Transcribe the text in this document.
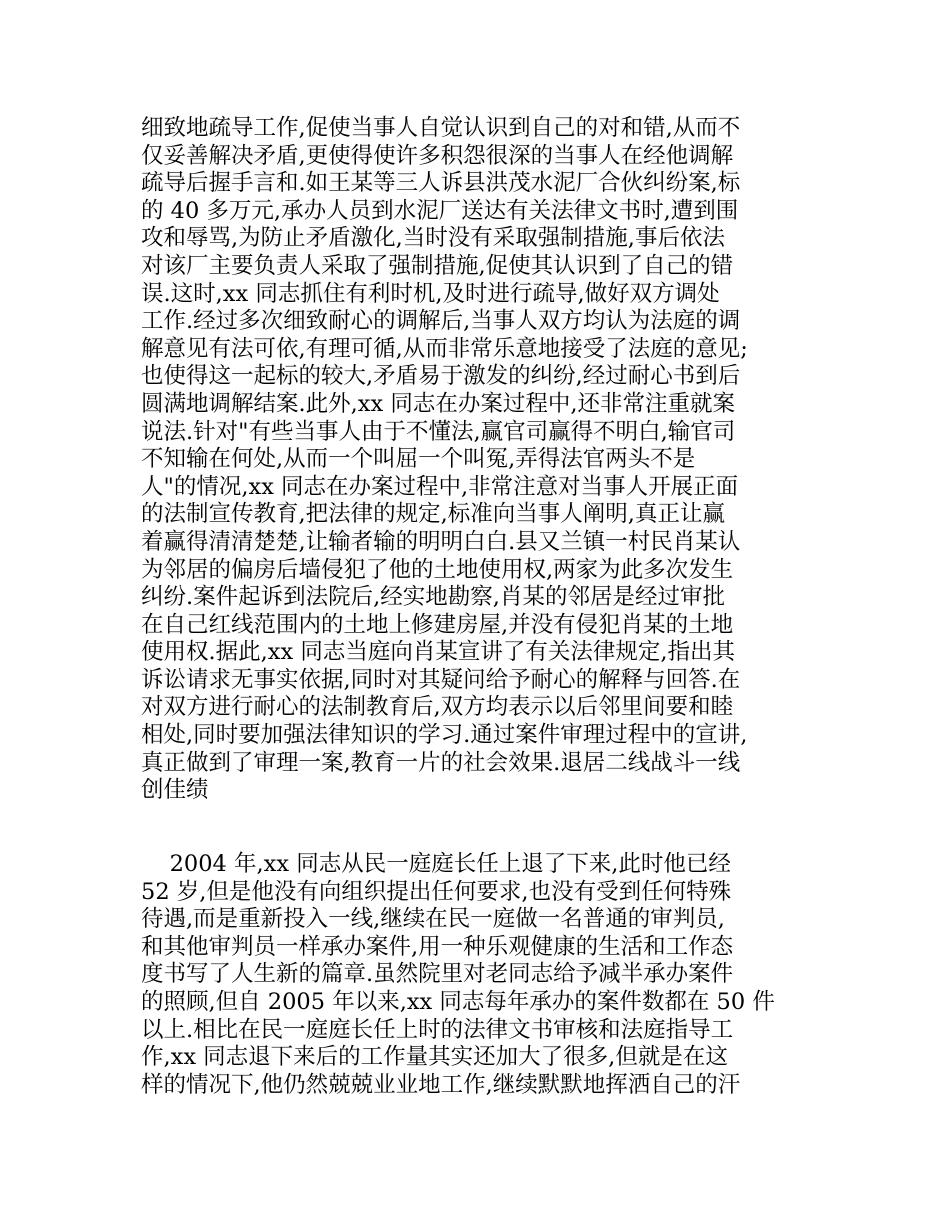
细致地疏导工作,促使当事人自觉认识到自己的对和错,从而不
仅妥善解决矛盾,更使得使许多积怨很深的当事人在经他调解
疏导后握手言和.如王某等三人诉县洪茂水泥厂合伙纠纷案,标
的 40 多万元,承办人员到水泥厂送达有关法律文书时,遭到围
攻和辱骂,为防止矛盾激化,当时没有采取强制措施,事后依法
对该厂主要负责人采取了强制措施,促使其认识到了自己的错
误.这时,xx 同志抓住有利时机,及时进行疏导,做好双方调处
工作.经过多次细致耐心的调解后,当事人双方均认为法庭的调
解意见有法可依,有理可循,从而非常乐意地接受了法庭的意见;
也使得这一起标的较大,矛盾易于激发的纠纷,经过耐心书到后
圆满地调解结案.此外,xx 同志在办案过程中,还非常注重就案
说法.针对"有些当事人由于不懂法,赢官司赢得不明白,输官司
不知输在何处,从而一个叫屈一个叫冤,弄得法官两头不是
人"的情况,xx 同志在办案过程中,非常注意对当事人开展正面
的法制宣传教育,把法律的规定,标准向当事人阐明,真正让赢
着赢得清清楚楚,让输者输的明明白白.县又兰镇一村民肖某认
为邻居的偏房后墙侵犯了他的土地使用权,两家为此多次发生
纠纷.案件起诉到法院后,经实地勘察,肖某的邻居是经过审批
在自己红线范围内的土地上修建房屋,并没有侵犯肖某的土地
使用权.据此,xx 同志当庭向肖某宣讲了有关法律规定,指出其
诉讼请求无事实依据,同时对其疑问给予耐心的解释与回答.在
对双方进行耐心的法制教育后,双方均表示以后邻里间要和睦
相处,同时要加强法律知识的学习.通过案件审理过程中的宣讲,
真正做到了审理一案,教育一片的社会效果.退居二线战斗一线
创佳绩
2004 年,xx 同志从民一庭庭长任上退了下来,此时他已经
52 岁,但是他没有向组织提出任何要求,也没有受到任何特殊
待遇,而是重新投入一线,继续在民一庭做一名普通的审判员,
和其他审判员一样承办案件,用一种乐观健康的生活和工作态
度书写了人生新的篇章.虽然院里对老同志给予减半承办案件
的照顾,但自 2005 年以来,xx 同志每年承办的案件数都在 50 件
以上.相比在民一庭庭长任上时的法律文书审核和法庭指导工
作,xx 同志退下来后的工作量其实还加大了很多,但就是在这
样的情况下,他仍然兢兢业业地工作,继续默默地挥洒自己的汗
